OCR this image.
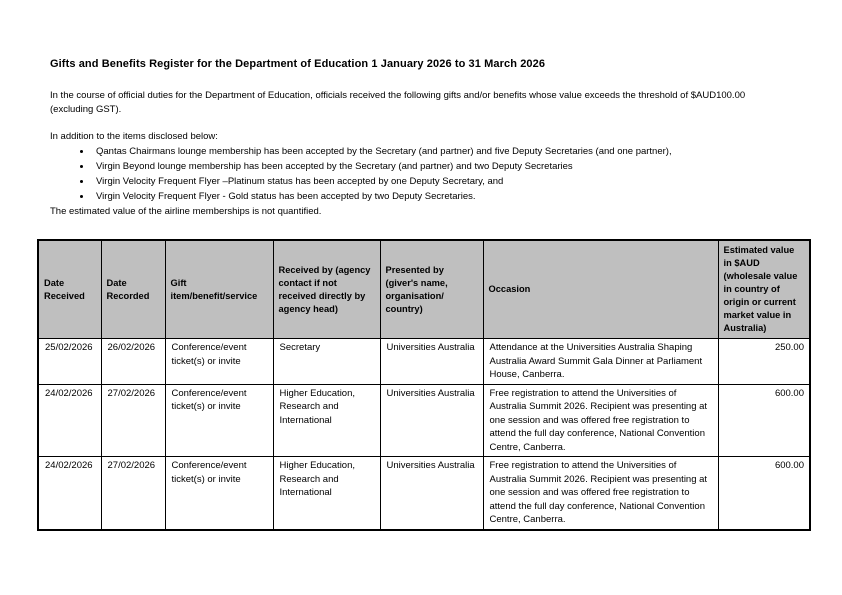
Gifts and Benefits Register for the Department of Education 1 January 2026 to 31 March 2026

In the course of official duties for the Department of Education, officials received the following gifts and/or benefits whose value exceeds the threshold of $AUD100.00 (excluding GST).

In addition to the items disclosed below:

• Qantas Chairmans lounge membership has been accepted by the Secretary (and partner) and five Deputy Secretaries (and one partner),
• Virgin Beyond lounge membership has been accepted by the Secretary (and partner) and two Deputy Secretaries
• Virgin Velocity Frequent Flyer –Platinum status has been accepted by one Deputy Secretary, and
• Virgin Velocity Frequent Flyer - Gold status has been accepted by two Deputy Secretaries.

The estimated value of the airline memberships is not quantified.

Date Received	Date Recorded	Gift item/benefit/service	Received by (agency contact if not received directly by agency head)	Presented by (giver's name, organisation/ country)	Occasion	Estimated value in $AUD (wholesale value in country of origin or current market value in Australia)
25/02/2026	26/02/2026	Conference/event ticket(s) or invite	Secretary	Universities Australia	Attendance at the Universities Australia Shaping Australia Award Summit Gala Dinner at Parliament House, Canberra.	250.00
24/02/2026	27/02/2026	Conference/event ticket(s) or invite	Higher Education, Research and International	Universities Australia	Free registration to attend the Universities of Australia Summit 2026. Recipient was presenting at one session and was offered free registration to attend the full day conference, National Convention Centre, Canberra.	600.00
24/02/2026	27/02/2026	Conference/event ticket(s) or invite	Higher Education, Research and International	Universities Australia	Free registration to attend the Universities of Australia Summit 2026. Recipient was presenting at one session and was offered free registration to attend the full day conference, National Convention Centre, Canberra.	600.00
